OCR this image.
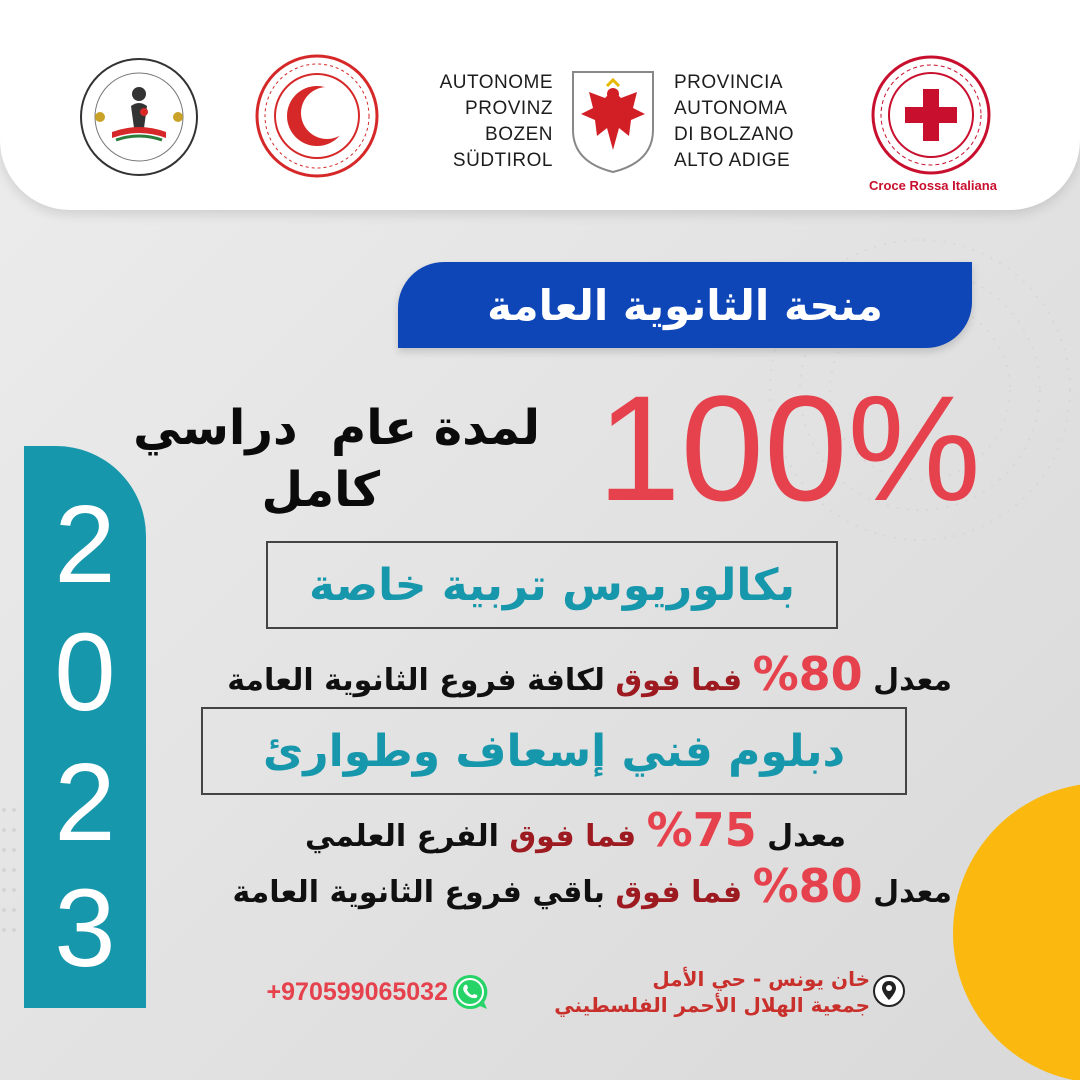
AUTONOME
PROVINZ
BOZEN
SÜDTIROL
PROVINCIA
AUTONOMA
DI BOLZANO
ALTO ADIGE
Croce Rossa Italiana
منحة الثانوية العامة
100%
لمدة عام  دراسي
كامل
2
0
2
3
بكالوريوس تربية خاصة
معدل 80% فما فوق لكافة فروع الثانوية العامة
دبلوم فني إسعاف وطوارئ
معدل 75% فما فوق الفرع العلمي
معدل 80% فما فوق باقي فروع الثانوية العامة
خان يونس - حي الأمل
جمعية الهلال الأحمر الفلسطيني
+970599065032
